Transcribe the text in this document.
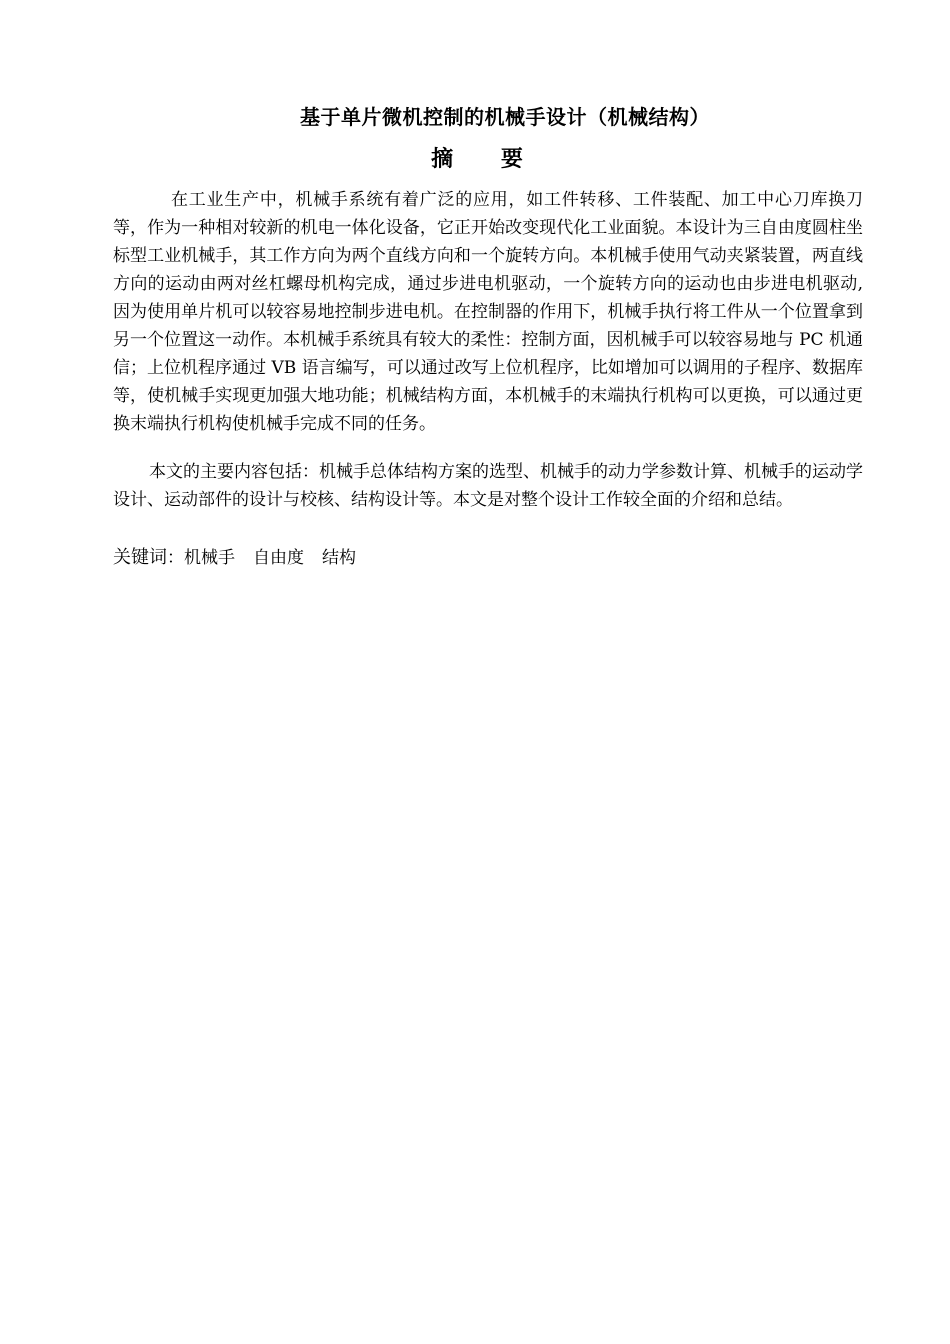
基于单片微机控制的机械手设计（机械结构）
摘 要

在工业生产中，机械手系统有着广泛的应用，如工件转移、工件装配、加工中心刀库换刀等，作为一种相对较新的机电一体化设备，它正开始改变现代化工业面貌。本设计为三自由度圆柱坐标型工业机械手，其工作方向为两个直线方向和一个旋转方向。本机械手使用气动夹紧装置，两直线方向的运动由两对丝杠螺母机构完成，通过步进电机驱动，一个旋转方向的运动也由步进电机驱动,因为使用单片机可以较容易地控制步进电机。在控制器的作用下，机械手执行将工件从一个位置拿到另一个位置这一动作。本机械手系统具有较大的柔性：控制方面，因机械手可以较容易地与 PC 机通信；上位机程序通过 VB 语言编写，可以通过改写上位机程序，比如增加可以调用的子程序、数据库等，使机械手实现更加强大地功能；机械结构方面，本机械手的末端执行机构可以更换，可以通过更换末端执行机构使机械手完成不同的任务。

本文的主要内容包括：机械手总体结构方案的选型、机械手的动力学参数计算、机械手的运动学设计、运动部件的设计与校核、结构设计等。本文是对整个设计工作较全面的介绍和总结。

关键词：机械手 自由度 结构
